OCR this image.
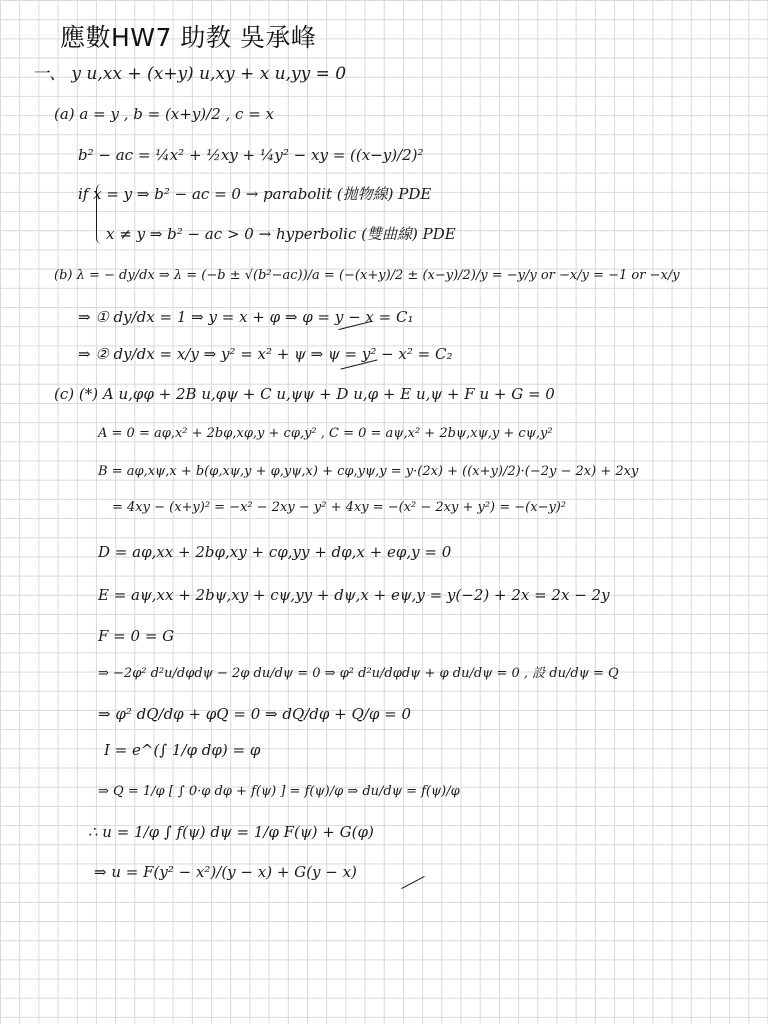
應數HW7 助教 吳承峰
一、 y u,xx + (x+y) u,xy + x u,yy = 0
(a) a = y , b = (x+y)/2 , c = x
b² − ac = ¼x² + ½xy + ¼y² − xy = ((x−y)/2)²
if x = y ⇒ b² − ac = 0 → parabolit (拋物線) PDE
x ≠ y ⇒ b² − ac > 0 → hyperbolic (雙曲線) PDE
(b) λ = − dy/dx ⇒ λ = (−b ± √(b²−ac))/a = (−(x+y)/2 ± (x−y)/2)/y = −y/y or −x/y = −1 or −x/y
⇒ ① dy/dx = 1 ⇒ y = x + φ ⇒ φ = y − x = C₁
⇒ ② dy/dx = x/y ⇒ y² = x² + ψ ⇒ ψ = y² − x² = C₂
(c) (*) A u,φφ + 2B u,φψ + C u,ψψ + D u,φ + E u,ψ + F u + G = 0
A = 0 = aφ,x² + 2bφ,xφ,y + cφ,y² , C = 0 = aψ,x² + 2bψ,xψ,y + cψ,y²
B = aφ,xψ,x + b(φ,xψ,y + φ,yψ,x) + cφ,yψ,y = y·(2x) + ((x+y)/2)·(−2y − 2x) + 2xy
= 4xy − (x+y)² = −x² − 2xy − y² + 4xy = −(x² − 2xy + y²) = −(x−y)²
D = aφ,xx + 2bφ,xy + cφ,yy + dφ,x + eφ,y = 0
E = aψ,xx + 2bψ,xy + cψ,yy + dψ,x + eψ,y = y(−2) + 2x = 2x − 2y
F = 0 = G
⇒ −2φ² d²u/dφdψ − 2φ du/dψ = 0 ⇒ φ² d²u/dφdψ + φ du/dψ = 0 , 設 du/dψ = Q
⇒ φ² dQ/dφ + φQ = 0 ⇒ dQ/dφ + Q/φ = 0
I = e^(∫ 1/φ dφ) = φ
⇒ Q = 1/φ [ ∫ 0·φ dφ + f(ψ) ] = f(ψ)/φ ⇒ du/dψ = f(ψ)/φ
∴ u = 1/φ ∫ f(ψ) dψ = 1/φ F(ψ) + G(φ)
⇒ u = F(y² − x²)/(y − x) + G(y − x)
